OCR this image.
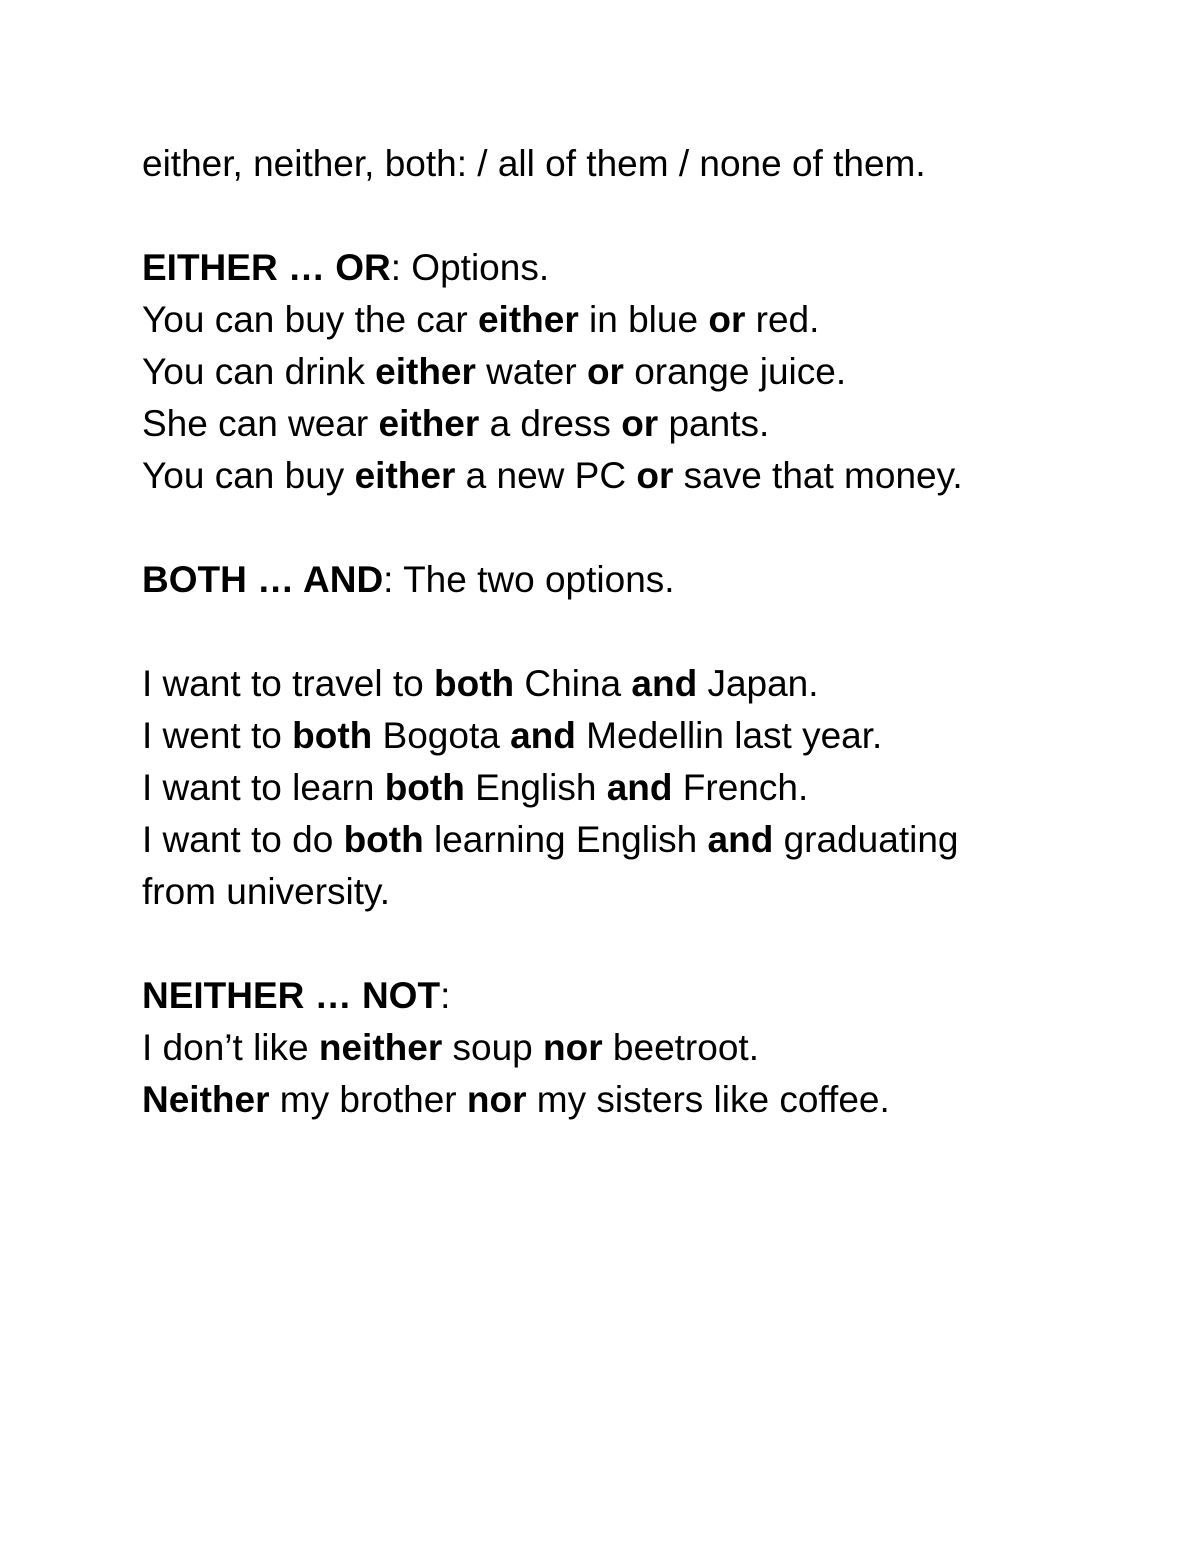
either, neither, both: / all of them / none of them.
EITHER … OR: Options.
You can buy the car either in blue or red.
You can drink either water or orange juice.
She can wear either a dress or pants.
You can buy either a new PC or save that money.
BOTH … AND: The two options.
I want to travel to both China and Japan.
I went to both Bogota and Medellin last year.
I want to learn both English and French.
I want to do both learning English and graduating from university.
NEITHER … NOT:
I don’t like neither soup nor beetroot.
Neither my brother nor my sisters like coffee.
